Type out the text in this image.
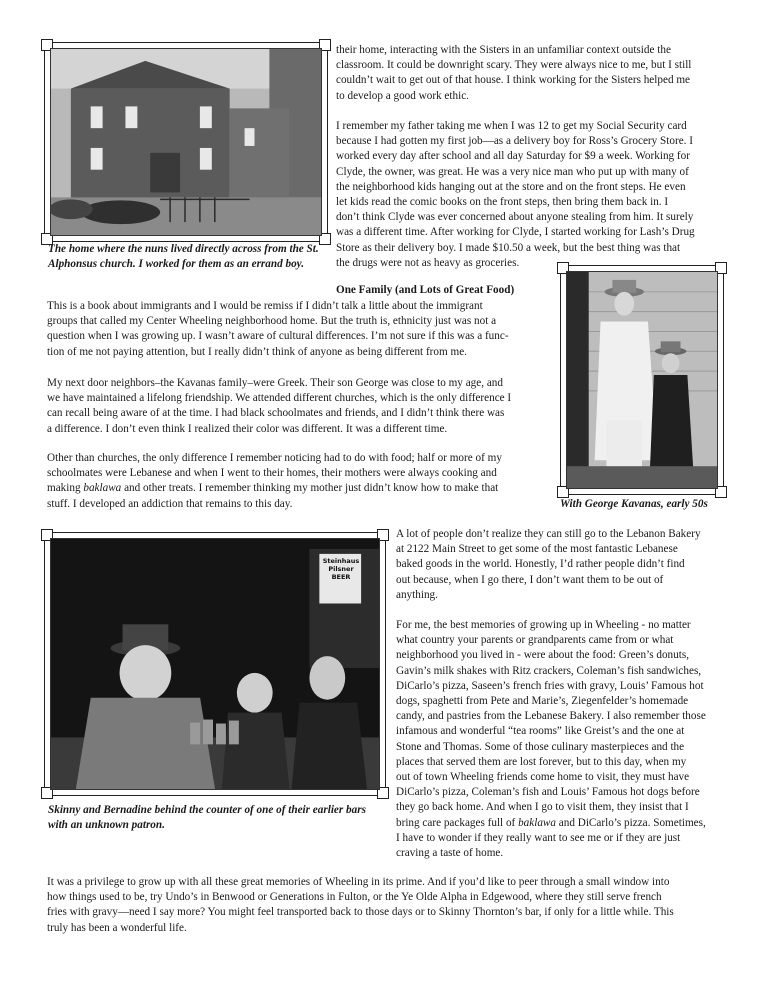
The home where the nuns lived directly across from the St. Alphonsus church. I worked for them as an errand boy.

their home, interacting with the Sisters in an unfamiliar context outside the

classroom. It could be downright scary. They were always nice to me, but I still

couldn’t wait to get out of that house. I think working for the Sisters helped me

to develop a good work ethic.

I remember my father taking me when I was 12 to get my Social Security card

because I had gotten my first job—as a delivery boy for Ross’s Grocery Store. I

worked every day after school and all day Saturday for $9 a week. Working for

Clyde, the owner, was great. He was a very nice man who put up with many of

the neighborhood kids hanging out at the store and on the front steps. He even

let kids read the comic books on the front steps, then bring them back in. I

don’t think Clyde was ever concerned about anyone stealing from him. It surely

was a different time. After working for Clyde, I started working for Lash’s Drug

Store as their delivery boy. I made $10.50 a week, but the best thing was that

the drugs were not as heavy as groceries.

One Family (and Lots of Great Food)

With George Kavanas, early 50s

This is a book about immigrants and I would be remiss if I didn’t talk a little about the immigrant

groups that called my Center Wheeling neighborhood home. But the truth is, ethnicity just was not a

question when I was growing up. I wasn’t aware of cultural differences. I’m not sure if this was a func-

tion of me not paying attention, but I really didn’t think of anyone as being different from me.

My next door neighbors–the Kavanas family–were Greek. Their son George was close to my age, and

we have maintained a lifelong friendship. We attended different churches, which is the only difference I

can recall being aware of at the time. I had black schoolmates and friends, and I didn’t think there was

a difference. I don’t even think I realized their color was different. It was a different time.

Other than churches, the only difference I remember noticing had to do with food; half or more of my

schoolmates were Lebanese and when I went to their homes, their mothers were always cooking and

making baklawa and other treats. I remember thinking my mother just didn’t know how to make that

stuff. I developed an addiction that remains to this day.

Steinhaus
Pilsner BEER

Skinny and Bernadine behind the counter of one of their earlier bars with an unknown patron.

A lot of people don’t realize they can still go to the Lebanon Bakery

at 2122 Main Street to get some of the most fantastic Lebanese

baked goods in the world. Honestly, I’d rather people didn’t find

out because, when I go there, I don’t want them to be out of

anything.

For me, the best memories of growing up in Wheeling - no matter

what country your parents or grandparents came from or what

neighborhood you lived in - were about the food: Green’s donuts,

Gavin’s milk shakes with Ritz crackers, Coleman’s fish sandwiches,

DiCarlo’s pizza, Saseen’s french fries with gravy, Louis’ Famous hot

dogs, spaghetti from Pete and Marie’s, Ziegenfelder’s homemade

candy, and pastries from the Lebanese Bakery. I also remember those

infamous and wonderful “tea rooms” like Greist’s and the one at

Stone and Thomas. Some of those culinary masterpieces and the

places that served them are lost forever, but to this day, when my

out of town Wheeling friends come home to visit, they must have

DiCarlo’s pizza, Coleman’s fish and Louis’ Famous hot dogs before

they go back home. And when I go to visit them, they insist that I

bring care packages full of baklawa and DiCarlo’s pizza. Sometimes,

I have to wonder if they really want to see me or if they are just

craving a taste of home.

It was a privilege to grow up with all these great memories of Wheeling in its prime. And if you’d like to peer through a small window into

how things used to be, try Undo’s in Benwood or Generations in Fulton, or the Ye Olde Alpha in Edgewood, where they still serve french

fries with gravy—need I say more? You might feel transported back to those days or to Skinny Thornton’s bar, if only for a little while. This

truly has been a wonderful life.
